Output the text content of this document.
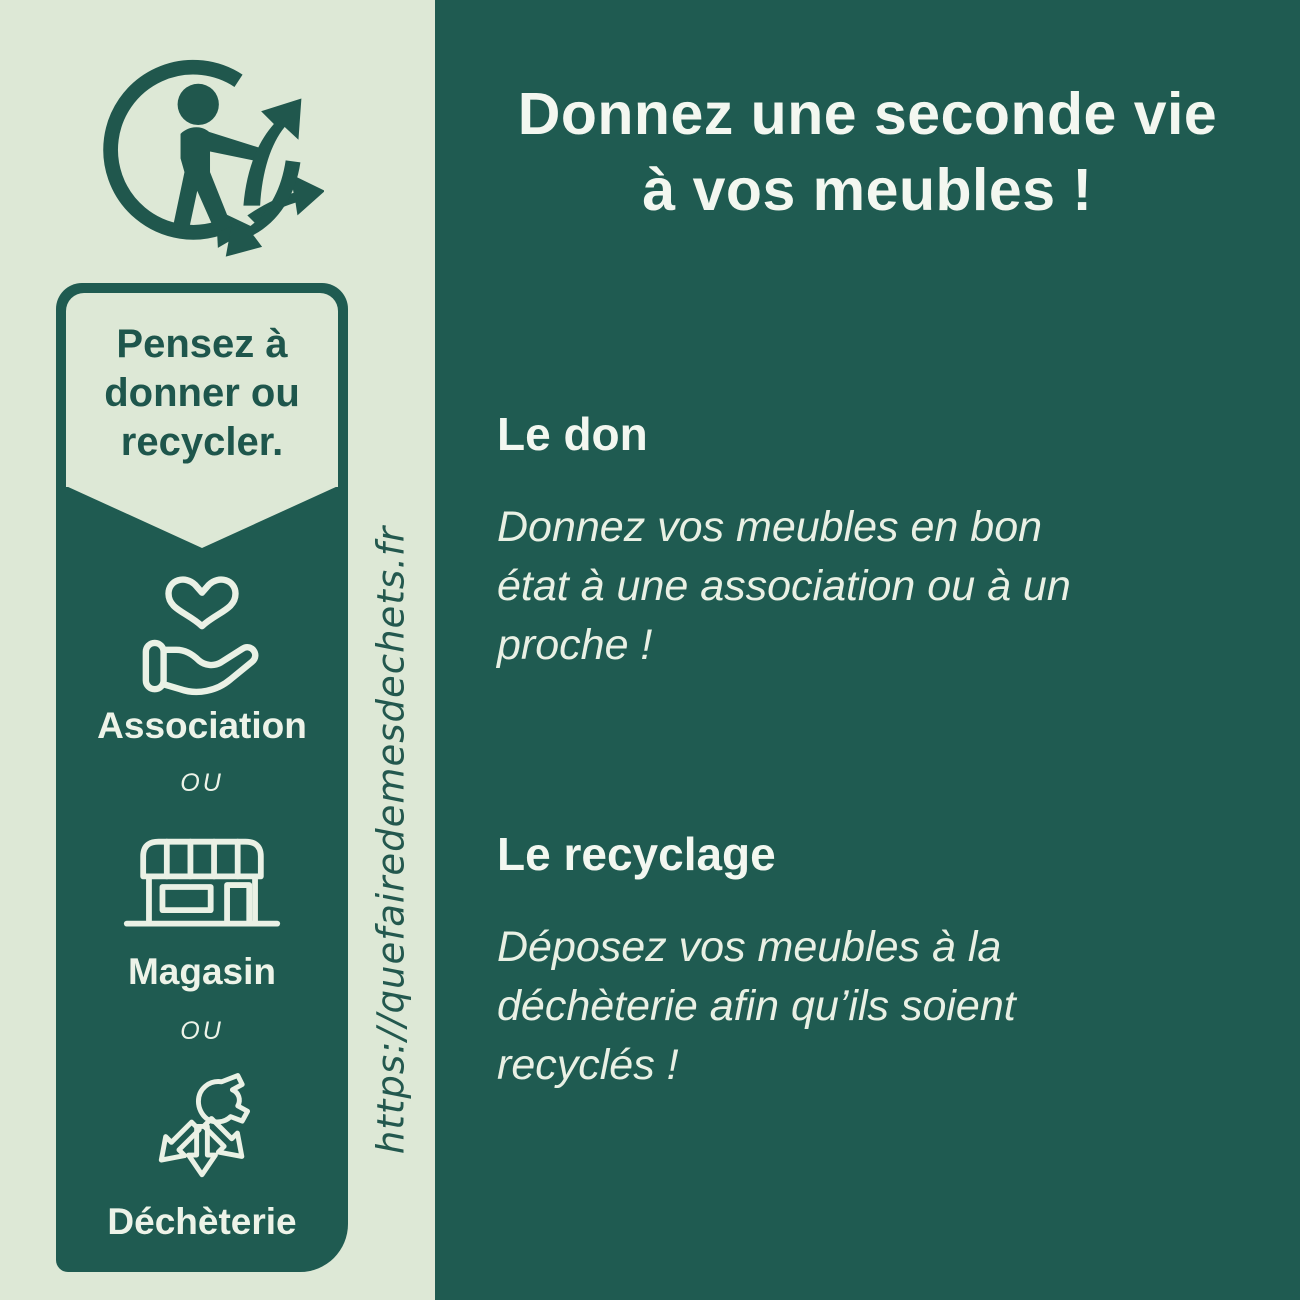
Pensez à
donner ou
recycler.
Association
OU
Magasin
OU
Déchèterie
https://quefairedemesdechets.fr
Donnez une seconde vie
à vos meubles !
Le don
Donnez vos meubles en bon
état à une association ou à un
proche !
Le recyclage
Déposez vos meubles à la
déchèterie afin qu’ils soient
recyclés !
